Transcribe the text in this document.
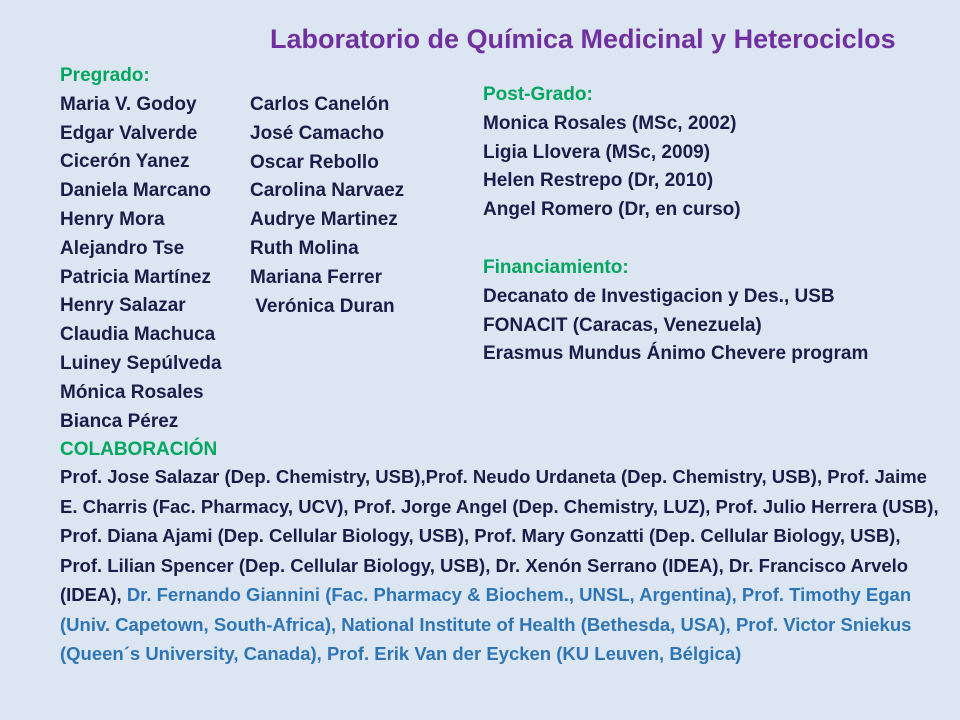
Laboratorio de Química Medicinal y Heterociclos
Pregrado:
Maria V. Godoy
Edgar Valverde
Cicerón Yanez
Daniela Marcano
Henry Mora
Alejandro Tse
Patricia Martínez
Henry Salazar
Claudia Machuca
Luiney Sepúlveda
Mónica Rosales
Bianca Pérez
COLABORACIÓN
Carlos Canelón
José Camacho
Oscar Rebollo
Carolina Narvaez
Audrye Martinez
Ruth Molina
Mariana Ferrer
Verónica Duran
Post-Grado:
Monica Rosales (MSc, 2002)
Ligia Llovera (MSc, 2009)
Helen Restrepo (Dr, 2010)
Angel Romero (Dr, en curso)
Financiamiento:
Decanato de Investigacion y Des., USB
FONACIT (Caracas, Venezuela)
Erasmus Mundus Ánimo Chevere program
Prof. Jose Salazar (Dep. Chemistry, USB),Prof. Neudo Urdaneta (Dep. Chemistry, USB), Prof. Jaime E. Charris (Fac. Pharmacy, UCV), Prof. Jorge Angel (Dep. Chemistry, LUZ), Prof. Julio Herrera (USB), Prof. Diana Ajami (Dep. Cellular Biology, USB), Prof. Mary Gonzatti (Dep. Cellular Biology, USB), Prof. Lilian Spencer (Dep. Cellular Biology, USB), Dr. Xenón Serrano (IDEA), Dr. Francisco Arvelo (IDEA), Dr. Fernando Giannini (Fac. Pharmacy & Biochem., UNSL, Argentina), Prof. Timothy Egan (Univ. Capetown, South-Africa), National Institute of Health (Bethesda, USA), Prof. Victor Sniekus (Queen´s University, Canada), Prof. Erik Van der Eycken (KU Leuven, Bélgica)
